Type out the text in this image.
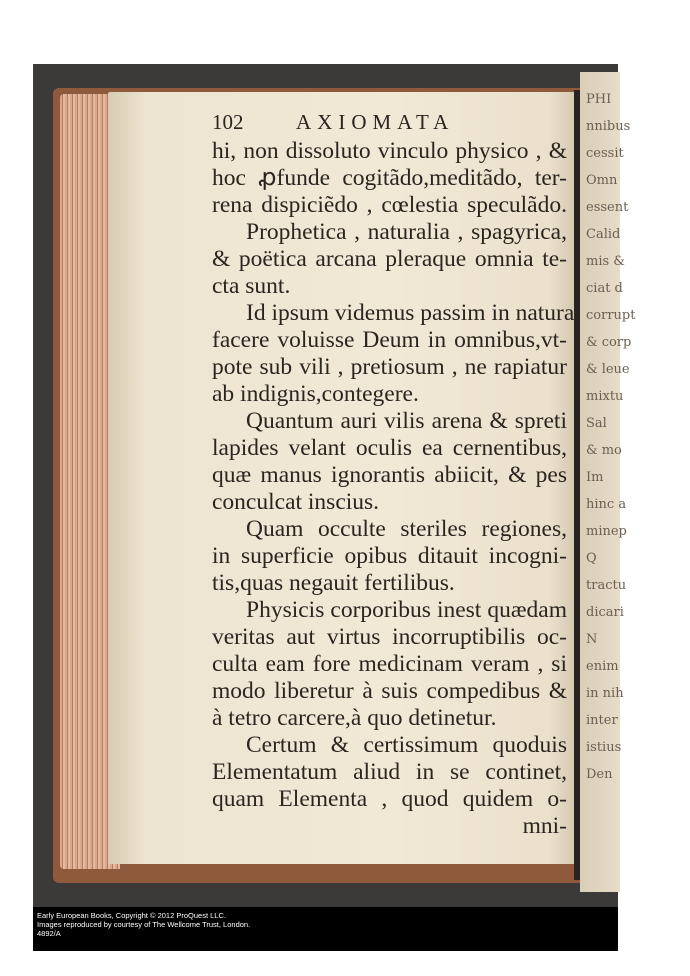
PHI
nnibus
cessit
Omn
essent
Calid
mis &
ciat d
corrupt
& corp
& leue
mixtu
Sal
& mo
Im
hinc a
minep
Q
tractu
dicari
N
enim
in nih
inter
istius
Den
102	AXIOMATA
hi, non dissoluto vinculo physico , &
hoc ꝓfunde cogitãdo,meditãdo, ter-
rena dispiciẽdo , cœlestia speculãdo.
Prophetica , naturalia , spagyrica,
& poëtica arcana pleraque omnia te-
cta sunt.
Id ipsum videmus passim in natura
facere voluisse Deum in omnibus,vt-
pote sub vili , pretiosum , ne rapiatur
ab indignis,contegere.
Quantum auri vilis arena & spreti
lapides velant oculis ea cernentibus,
quæ manus ignorantis abiicit, & pes
conculcat inscius.
Quam occulte steriles regiones,
in superficie opibus ditauit incogni-
tis,quas negauit fertilibus.
Physicis corporibus inest quædam
veritas aut virtus incorruptibilis oc-
culta eam fore medicinam veram , si
modo liberetur à suis compedibus &
à tetro carcere,à quo detinetur.
Certum & certissimum quoduis
Elementatum aliud in se continet,
quam Elementa , quod quidem o-
mni-
Early European Books, Copyright © 2012 ProQuest LLC.
Images reproduced by courtesy of The Wellcome Trust, London.
4892/A
